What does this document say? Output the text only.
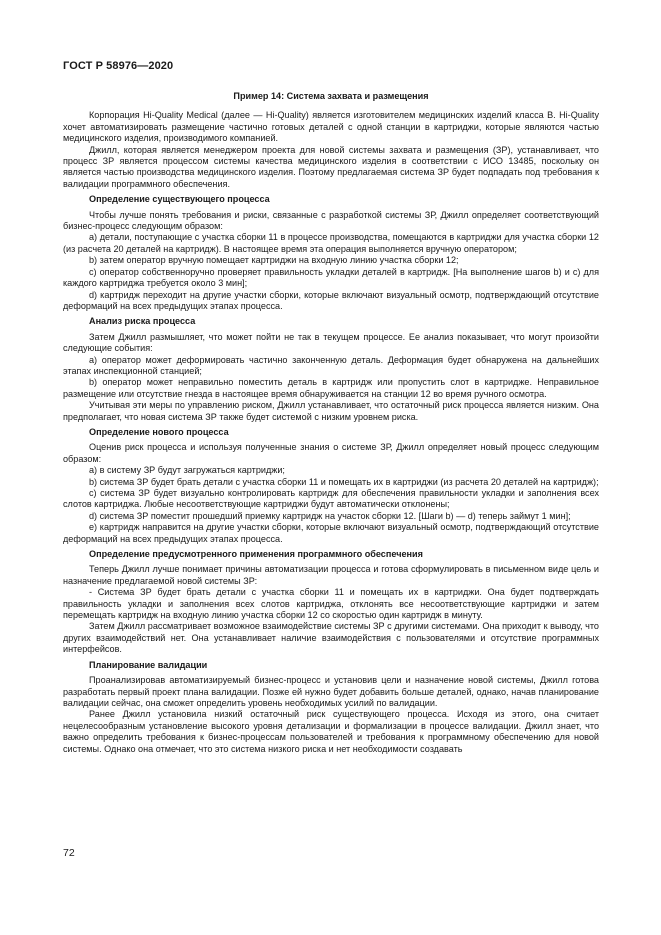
ГОСТ Р 58976—2020
Пример 14: Система захвата и размещения

Корпорация Hi-Quality Medical (далее — Hi-Quality) является изготовителем медицинских изделий класса В. Hi-Quality хочет автоматизировать размещение частично готовых деталей с одной станции в картриджи, которые являются частью медицинского изделия, производимого компанией.

Джилл, которая является менеджером проекта для новой системы захвата и размещения (ЗР), устанавливает, что процесс ЗР является процессом системы качества медицинского изделия в соответствии с ИСО 13485, поскольку он является частью производства медицинского изделия. Поэтому предлагаемая система ЗР будет подпадать под требования к валидации программного обеспечения.

Определение существующего процесса

Чтобы лучше понять требования и риски, связанные с разработкой системы ЗР, Джилл определяет соответствующий бизнес-процесс следующим образом:

а) детали, поступающие с участка сборки 11 в процессе производства, помещаются в картриджи для участка сборки 12 (из расчета 20 деталей на картридж). В настоящее время эта операция выполняется вручную оператором;

b) затем оператор вручную помещает картриджи на входную линию участка сборки 12;

с) оператор собственноручно проверяет правильность укладки деталей в картридж. [На выполнение шагов b) и с) для каждого картриджа требуется около 3 мин];

d) картридж переходит на другие участки сборки, которые включают визуальный осмотр, подтверждающий отсутствие деформаций на всех предыдущих этапах процесса.

Анализ риска процесса

Затем Джилл размышляет, что может пойти не так в текущем процессе. Ее анализ показывает, что могут произойти следующие события:

а) оператор может деформировать частично законченную деталь. Деформация будет обнаружена на дальнейших этапах инспекционной станцией;

b) оператор может неправильно поместить деталь в картридж или пропустить слот в картридже. Неправильное размещение или отсутствие гнезда в настоящее время обнаруживается на станции 12 во время ручного осмотра.

Учитывая эти меры по управлению риском, Джилл устанавливает, что остаточный риск процесса является низким. Она предполагает, что новая система ЗР также будет системой с низким уровнем риска.

Определение нового процесса

Оценив риск процесса и используя полученные знания о системе ЗР, Джилл определяет новый процесс следующим образом:

а) в систему ЗР будут загружаться картриджи;

b) система ЗР будет брать детали с участка сборки 11 и помещать их в картриджи (из расчета 20 деталей на картридж);

с) система ЗР будет визуально контролировать картридж для обеспечения правильности укладки и заполнения всех слотов картриджа. Любые несоответствующие картриджи будут автоматически отклонены;

d) система ЗР поместит прошедший приемку картридж на участок сборки 12. [Шаги b) — d) теперь займут 1 мин];

е) картридж направится на другие участки сборки, которые включают визуальный осмотр, подтверждающий отсутствие деформаций на всех предыдущих этапах процесса.

Определение предусмотренного применения программного обеспечения

Теперь Джилл лучше понимает причины автоматизации процесса и готова сформулировать в письменном виде цель и назначение предлагаемой новой системы ЗР:

- Система ЗР будет брать детали с участка сборки 11 и помещать их в картриджи. Она будет подтверждать правильность укладки и заполнения всех слотов картриджа, отклонять все несоответствующие картриджи и затем перемещать картридж на входную линию участка сборки 12 со скоростью один картридж в минуту.

Затем Джилл рассматривает возможное взаимодействие системы ЗР с другими системами. Она приходит к выводу, что других взаимодействий нет. Она устанавливает наличие взаимодействия с пользователями и отсутствие программных интерфейсов.

Планирование валидации

Проанализировав автоматизируемый бизнес-процесс и установив цели и назначение новой системы, Джилл готова разработать первый проект плана валидации. Позже ей нужно будет добавить больше деталей, однако, начав планирование валидации сейчас, она сможет определить уровень необходимых усилий по валидации.

Ранее Джилл установила низкий остаточный риск существующего процесса. Исходя из этого, она считает нецелесообразным установление высокого уровня детализации и формализации в процессе валидации. Джилл знает, что важно определить требования к бизнес-процессам пользователей и требования к программному обеспечению для новой системы. Однако она отмечает, что это система низкого риска и нет необходимости создавать

72
